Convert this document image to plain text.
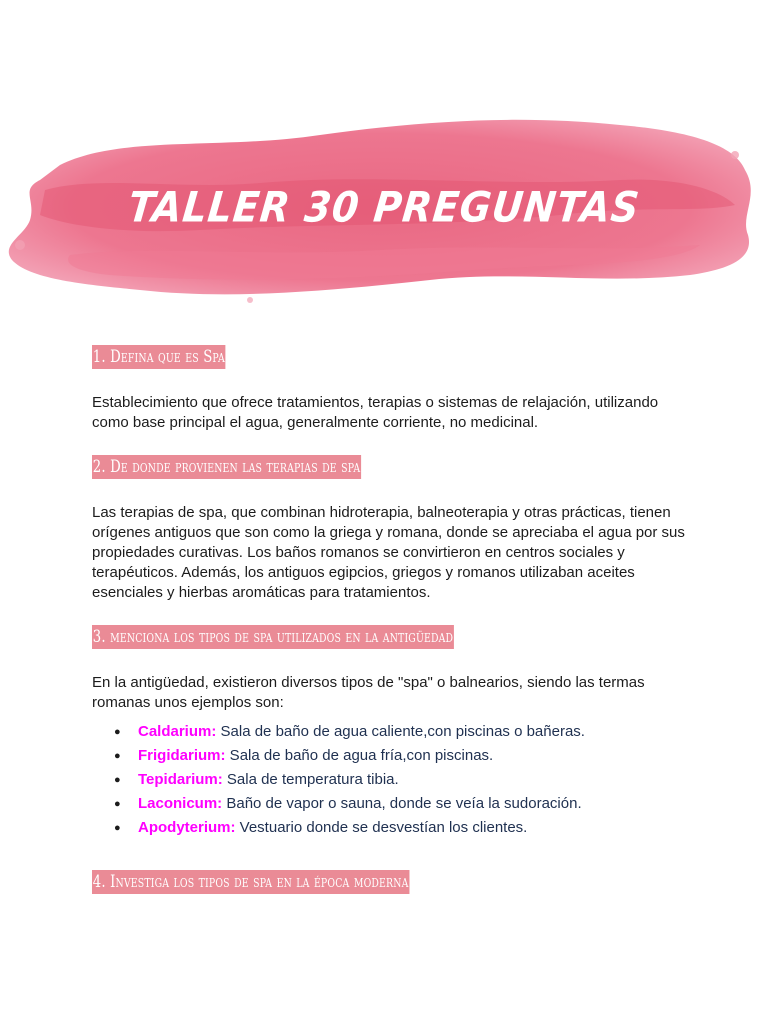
TALLER 30 PREGUNTAS
1. Defina que es Spa

Establecimiento que ofrece tratamientos, terapias o sistemas de relajación, utilizando como base principal el agua, generalmente corriente, no medicinal.

2. De donde provienen las terapias de spa

Las terapias de spa, que combinan hidroterapia, balneoterapia y otras prácticas, tienen orígenes antiguos que son como la griega y romana, donde se apreciaba el agua por sus propiedades curativas. Los baños romanos se convirtieron en centros sociales y terapéuticos. Además, los antiguos egipcios, griegos y romanos utilizaban aceites esenciales y hierbas aromáticas para tratamientos.

3. menciona los tipos de spa utilizados en la antigüedad

En la antigüedad, existieron diversos tipos de "spa" o balnearios, siendo las termas romanas unos ejemplos son:

● Caldarium: Sala de baño de agua caliente,con piscinas o bañeras.
● Frigidarium: Sala de baño de agua fría,con piscinas.
● Tepidarium: Sala de temperatura tibia.
● Laconicum: Baño de vapor o sauna, donde se veía la sudoración.
● Apodyterium: Vestuario donde se desvestían los clientes.
4. Investiga los tipos de spa en la época moderna
